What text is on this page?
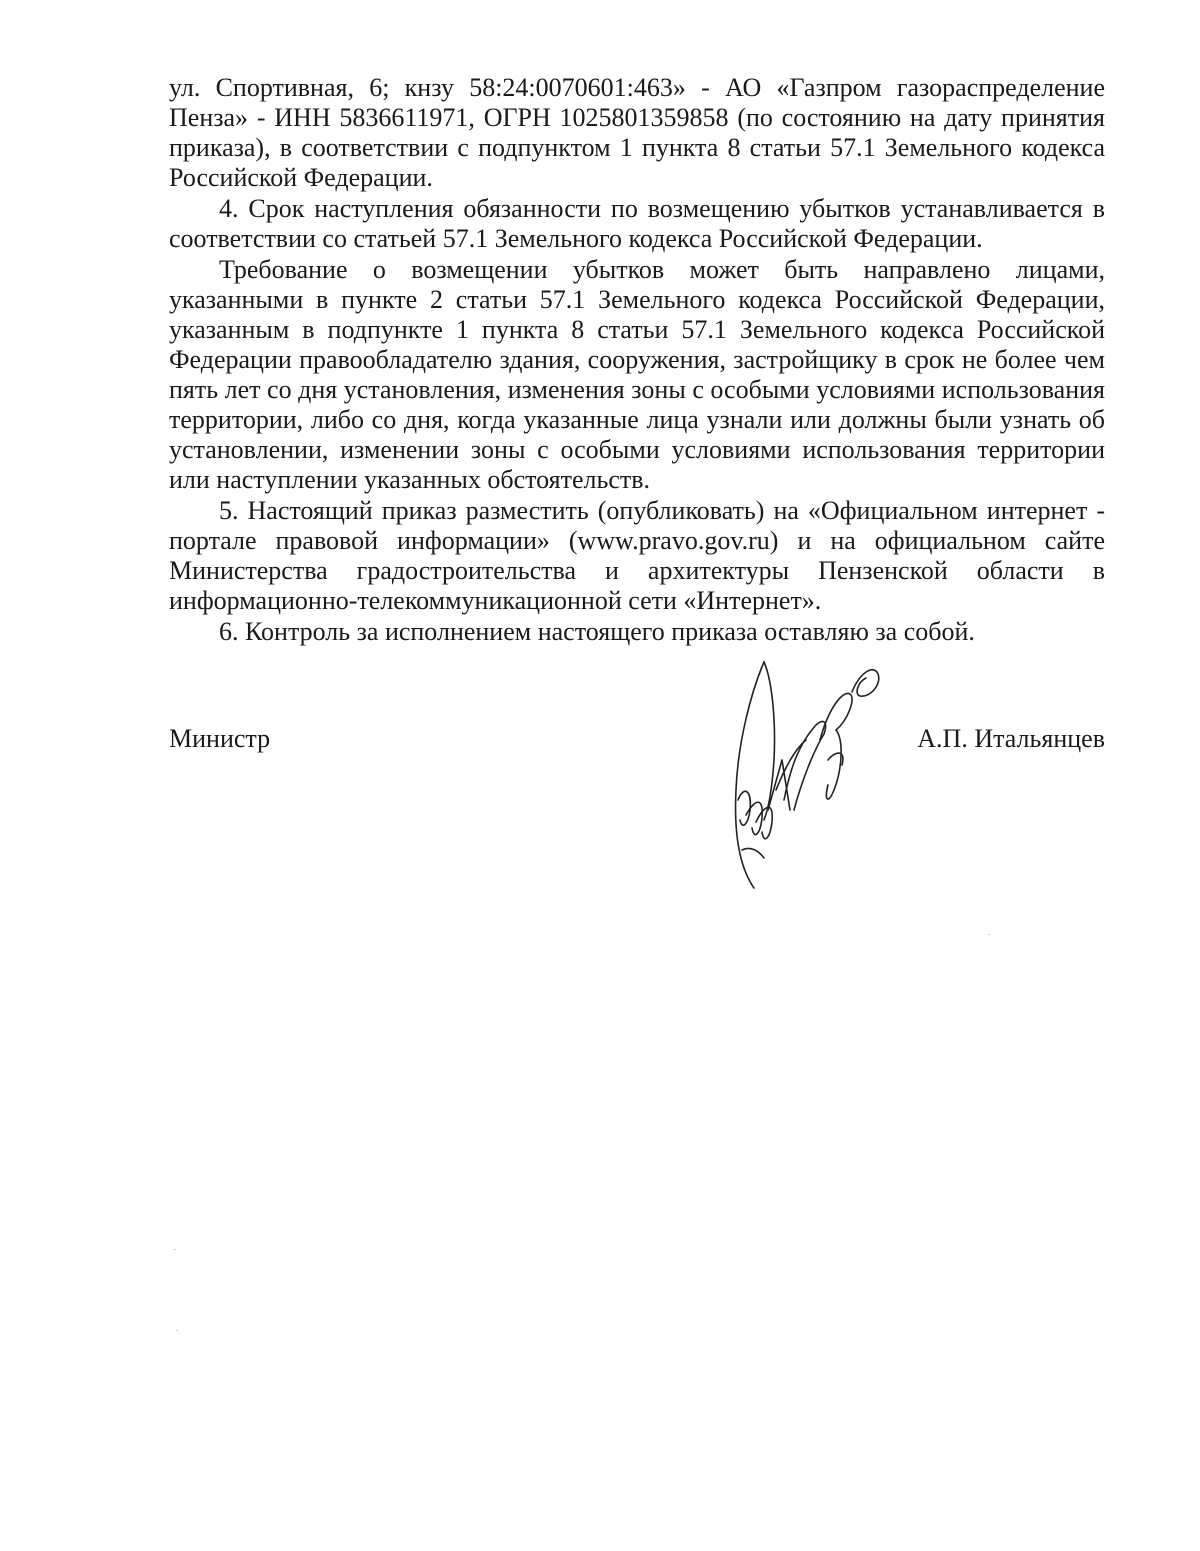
ул. Спортивная, 6; кнзу 58:24:0070601:463» - АО «Газпром газораспределение Пенза» - ИНН 5836611971, ОГРН 1025801359858 (по состоянию на дату принятия приказа), в соответствии с подпунктом 1 пункта 8 статьи 57.1 Земельного кодекса Российской Федерации.

4. Срок наступления обязанности по возмещению убытков устанавливается в соответствии со статьей 57.1 Земельного кодекса Российской Федерации.

Требование о возмещении убытков может быть направлено лицами, указанными в пункте 2 статьи 57.1 Земельного кодекса Российской Федерации, указанным в подпункте 1 пункта 8 статьи 57.1 Земельного кодекса Российской Федерации правообладателю здания, сооружения, застройщику в срок не более чем пять лет со дня установления, изменения зоны с особыми условиями использования территории, либо со дня, когда указанные лица узнали или должны были узнать об установлении, изменении зоны с особыми условиями использования территории или наступлении указанных обстоятельств.

5. Настоящий приказ разместить (опубликовать) на «Официальном интернет - портале правовой информации» (www.pravo.gov.ru) и на официальном сайте Министерства градостроительства и архитектуры Пензенской области в информационно-телекоммуникационной сети «Интернет».

6. Контроль за исполнением настоящего приказа оставляю за собой.

Министр	А.П. Итальянцев
